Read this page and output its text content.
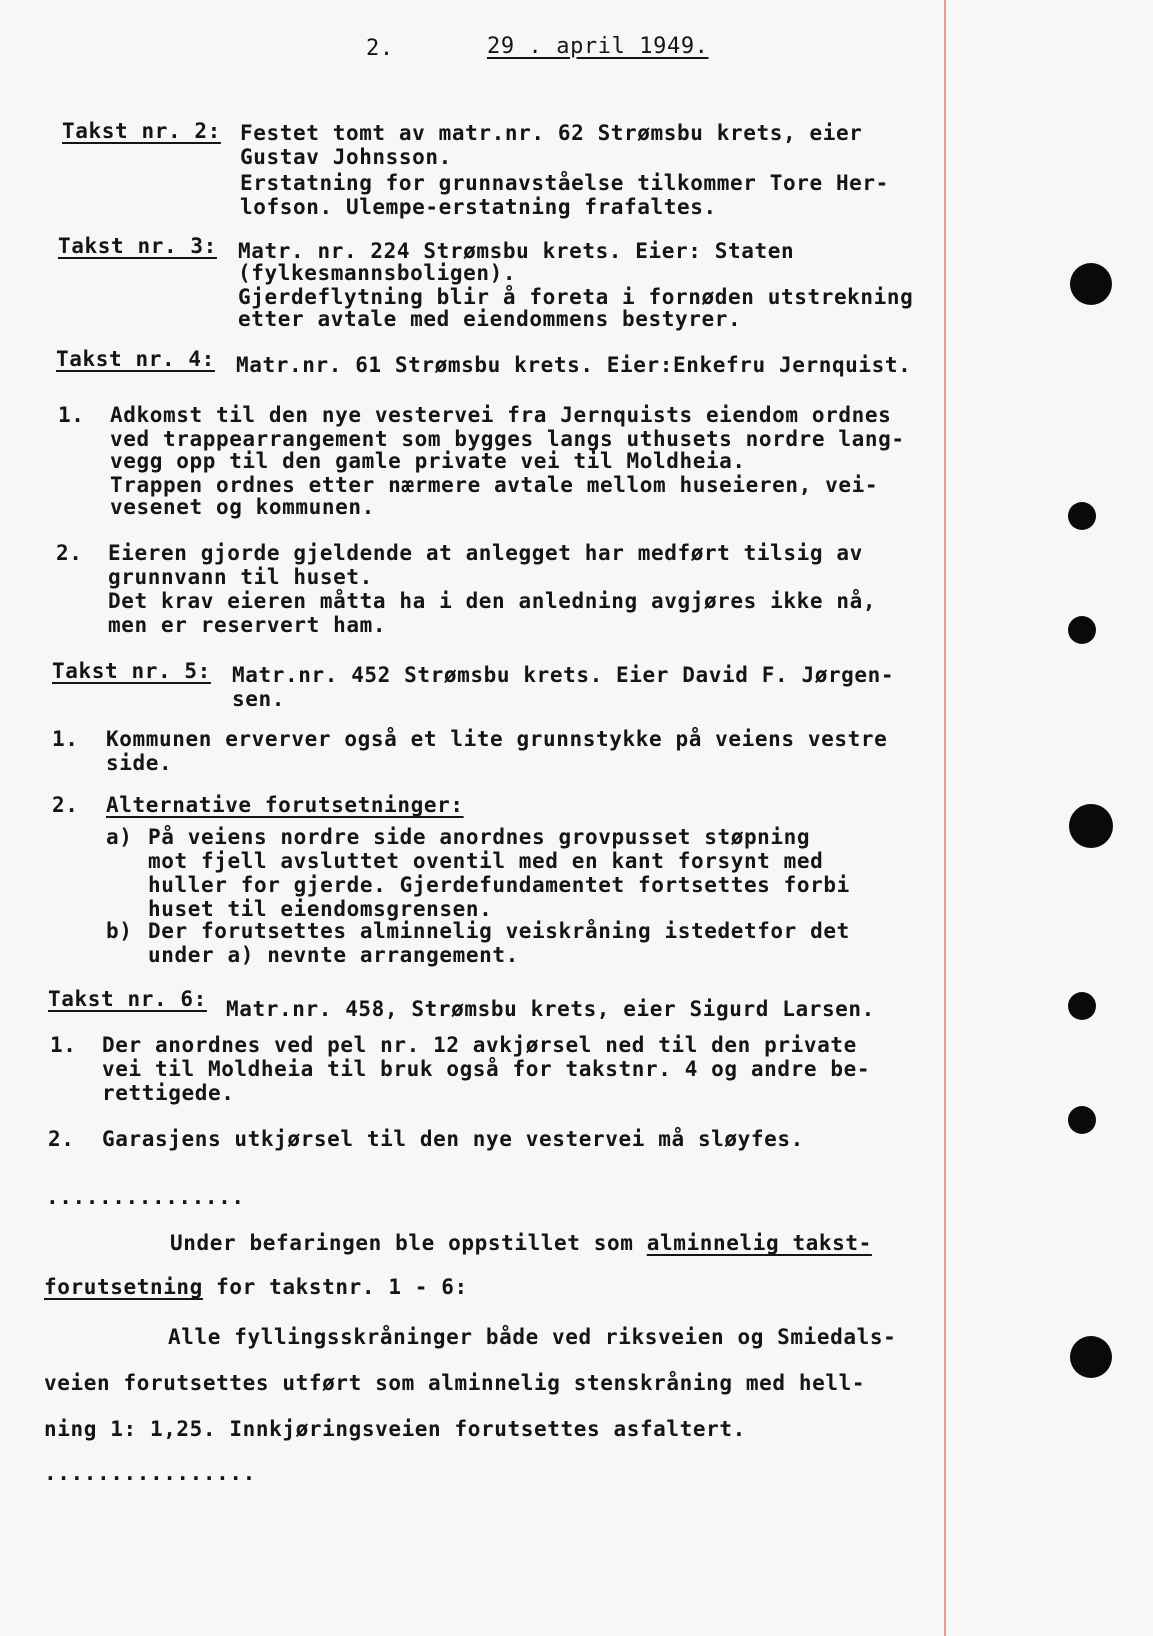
2.	29 . april 1949.
Takst nr. 2: Festet tomt av matr.nr. 62 Strømsbu krets, eier
Gustav Johnsson.
Erstatning for grunnavståelse tilkommer Tore Her-
lofson. Ulempe-erstatning frafaltes.
Takst nr. 3: Matr. nr. 224 Strømsbu krets. Eier: Staten
(fylkesmannsboligen).
Gjerdeflytning blir å foreta i fornøden utstrekning
etter avtale med eiendommens bestyrer.
Takst nr. 4: Matr.nr. 61 Strømsbu krets. Eier:Enkefru Jernquist.
1. Adkomst til den nye vestervei fra Jernquists eiendom ordnes
ved trappearrangement som bygges langs uthusets nordre lang-
vegg opp til den gamle private vei til Moldheia.
Trappen ordnes etter nærmere avtale mellom huseieren, vei-
vesenet og kommunen.
2. Eieren gjorde gjeldende at anlegget har medført tilsig av
grunnvann til huset.
Det krav eieren måtta ha i den anledning avgjøres ikke nå,
men er reservert ham.
Takst nr. 5: Matr.nr. 452 Strømsbu krets. Eier David F. Jørgen-
sen.
1. Kommunen erverver også et lite grunnstykke på veiens vestre
side.
2. Alternative forutsetninger:
a) På veiens nordre side anordnes grovpusset støpning
mot fjell avsluttet oventil med en kant forsynt med
huller for gjerde. Gjerdefundamentet fortsettes forbi
huset til eiendomsgrensen.
b) Der forutsettes alminnelig veiskråning istedetfor det
under a) nevnte arrangement.
Takst nr. 6: Matr.nr. 458, Strømsbu krets, eier Sigurd Larsen.
1. Der anordnes ved pel nr. 12 avkjørsel ned til den private
vei til Moldheia til bruk også for takstnr. 4 og andre be-
rettigede.
2. Garasjens utkjørsel til den nye vestervei må sløyfes.
...............
Under befaringen ble oppstillet som alminnelig takst-
forutsetning for takstnr. 1 - 6:
Alle fyllingsskråninger både ved riksveien og Smiedals-
veien forutsettes utført som alminnelig stenskråning med hell-
ning 1: 1,25. Innkjøringsveien forutsettes asfaltert.
................
